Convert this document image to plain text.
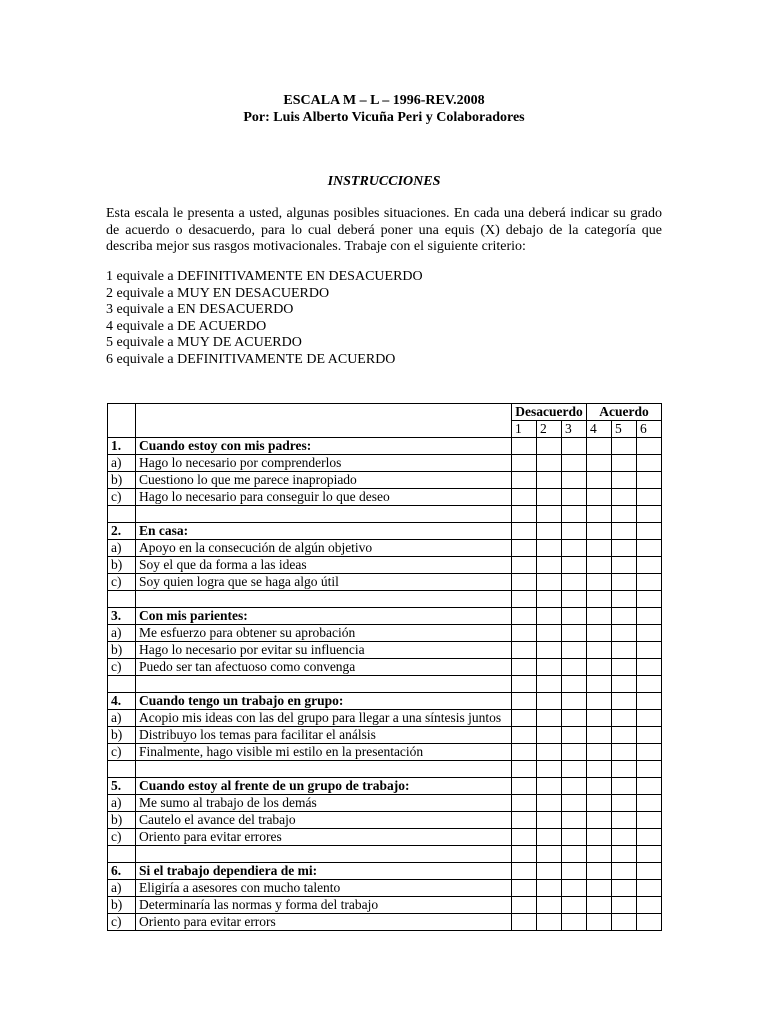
ESCALA M – L – 1996-REV.2008
Por: Luis Alberto Vicuña Peri y Colaboradores
INSTRUCCIONES
Esta escala le presenta a usted, algunas posibles situaciones. En cada una deberá indicar su grado de acuerdo o desacuerdo, para lo cual deberá poner una equis (X) debajo de la categoría que describa mejor sus rasgos motivacionales. Trabaje con el siguiente criterio:
1 equivale a DEFINITIVAMENTE EN DESACUERDO
2 equivale a MUY EN DESACUERDO
3 equivale a EN DESACUERDO
4 equivale a DE ACUERDO
5 equivale a MUY DE ACUERDO
6 equivale a DEFINITIVAMENTE DE ACUERDO
		Desacuerdo			Acuerdo		
		1	2	3	4	5	6
1.	Cuando estoy con mis padres:						
a)	Hago lo necesario por comprenderlos						
b)	Cuestiono lo que me parece inapropiado						
c)	Hago lo necesario para conseguir lo que deseo						

2.	En casa:						
a)	Apoyo en la consecución de algún objetivo						
b)	Soy el que da forma a las ideas						
c)	Soy quien logra que se haga algo útil						

3.	Con mis parientes:						
a)	Me esfuerzo para obtener su aprobación						
b)	Hago lo necesario por evitar su influencia						
c)	Puedo ser tan afectuoso como convenga						

4.	Cuando tengo un trabajo en grupo:						
a)	Acopio mis ideas con las del grupo para llegar a una síntesis juntos						
b)	Distribuyo los temas para facilitar el análsis						
c)	Finalmente, hago visible mi estilo en la presentación						

5.	Cuando estoy al frente de un grupo de trabajo:						
a)	Me sumo al trabajo de los demás						
b)	Cautelo el avance del trabajo						
c)	Oriento para evitar errores						

6.	Si el trabajo dependiera de mi:						
a)	Eligiría a asesores con mucho talento						
b)	Determinaría las normas y forma del trabajo						
c)	Oriento para evitar errors						
